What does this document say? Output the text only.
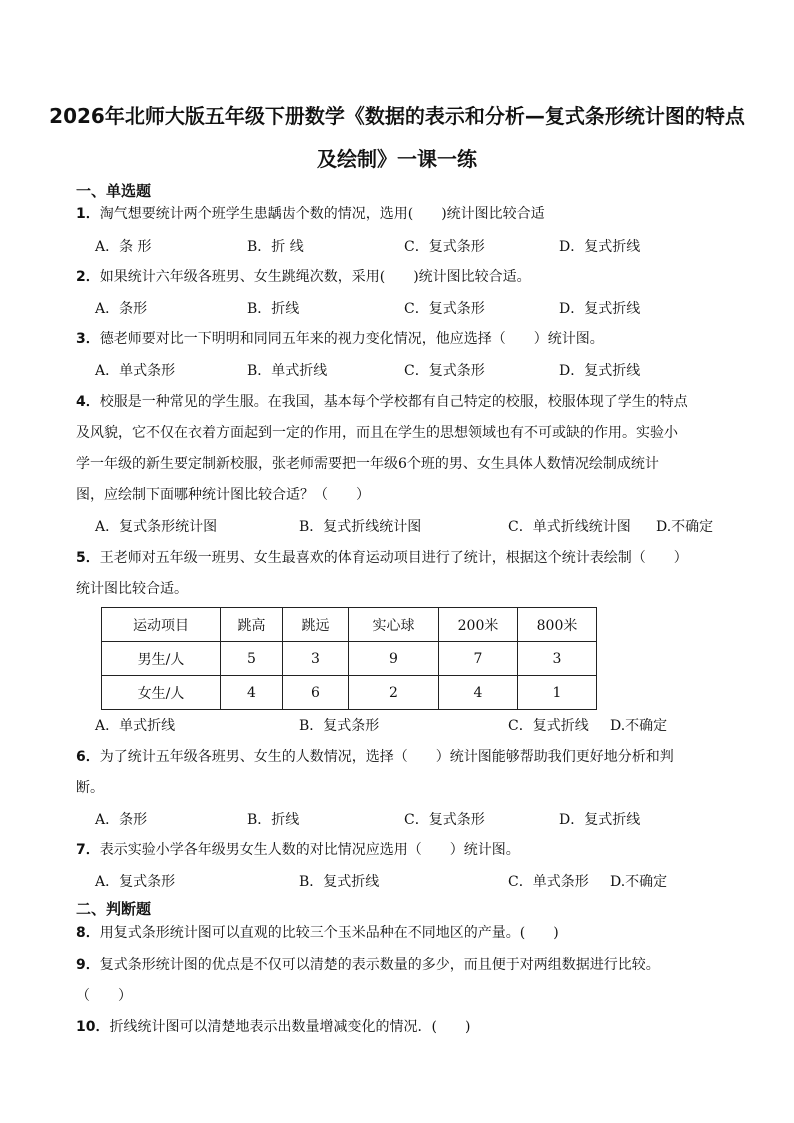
2026年北师大版五年级下册数学《数据的表示和分析—复式条形统计图的特点
及绘制》一课一练
一、单选题
1．淘气想要统计两个班学生患龋齿个数的情况，选用(　　)统计图比较合适
A．条 形	B．折 线	C．复式条形	D．复式折线
2．如果统计六年级各班男、女生跳绳次数，采用(　　)统计图比较合适。
A．条形	B．折线	C．复式条形	D．复式折线
3．德老师要对比一下明明和同同五年来的视力变化情况，他应选择（　　）统计图。
A．单式条形	B．单式折线	C．复式条形	D．复式折线
4．校服是一种常见的学生服。在我国，基本每个学校都有自己特定的校服，校服体现了学生的特点
及风貌，它不仅在衣着方面起到一定的作用，而且在学生的思想领域也有不可或缺的作用。实验小
学一年级的新生要定制新校服，张老师需要把一年级6个班的男、女生具体人数情况绘制成统计
图，应绘制下面哪种统计图比较合适？（　　）
A．复式条形统计图	B．复式折线统计图	C．单式折线统计图 D.不确定
5．王老师对五年级一班男、女生最喜欢的体育运动项目进行了统计，根据这个统计表绘制（　　）
统计图比较合适。
运动项目	跳高	跳远	实心球	200米	800米
男生/人	5	3	9	7	3
女生/人	4	6	2	4	1
A．单式折线	B．复式条形	C．复式折线 D.不确定
6．为了统计五年级各班男、女生的人数情况，选择（　　）统计图能够帮助我们更好地分析和判
断。
A．条形	B．折线	C．复式条形	D．复式折线
7．表示实验小学各年级男女生人数的对比情况应选用（　　）统计图。
A．复式条形	B．复式折线	C．单式条形 D.不确定
二、判断题
8．用复式条形统计图可以直观的比较三个玉米品种在不同地区的产量。(　　)
9．复式条形统计图的优点是不仅可以清楚的表示数量的多少，而且便于对两组数据进行比较。
（　　）
10．折线统计图可以清楚地表示出数量增减变化的情况．(　　)
